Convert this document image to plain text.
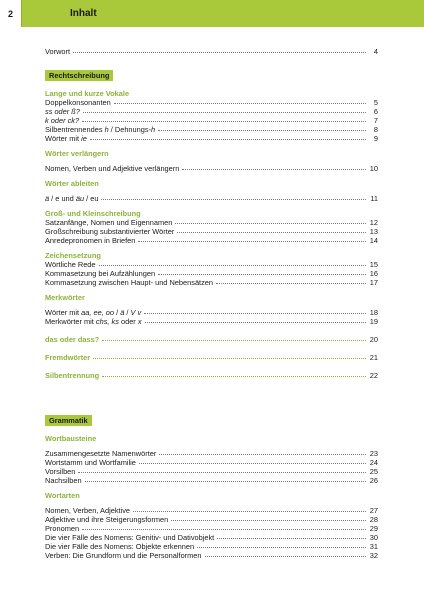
2	Inhalt
Vorwort	4
Rechtschreibung
Lange und kurze Vokale
Doppelkonsonanten	5
ss oder ß?	6
k oder ck?	7
Silbentrennendes h / Dehnungs-h	8
Wörter mit ie	9
Wörter verlängern
Nomen, Verben und Adjektive verlängern	10
Wörter ableiten
ä / e und äu / eu	11
Groß- und Kleinschreibung
Satzanfänge, Nomen und Eigennamen	12
Großschreibung substantivierter Wörter	13
Anredepronomen in Briefen	14
Zeichensetzung
Wörtliche Rede	15
Kommasetzung bei Aufzählungen	16
Kommasetzung zwischen Haupt- und Nebensätzen	17
Merkwörter
Wörter mit aa, ee, oo / ä / V v	18
Merkwörter mit chs, ks oder x	19
das oder dass?	20
Fremdwörter	21
Silbentrennung	22
Grammatik
Wortbausteine
Zusammengesetzte Namenwörter	23
Wortstamm und Wortfamilie	24
Vorsilben	25
Nachsilben	26
Wortarten
Nomen, Verben, Adjektive	27
Adjektive und ihre Steigerungsformen	28
Pronomen	29
Die vier Fälle des Nomens: Genitiv- und Dativobjekt	30
Die vier Fälle des Nomens: Objekte erkennen	31
Verben: Die Grundform und die Personalformen	32
